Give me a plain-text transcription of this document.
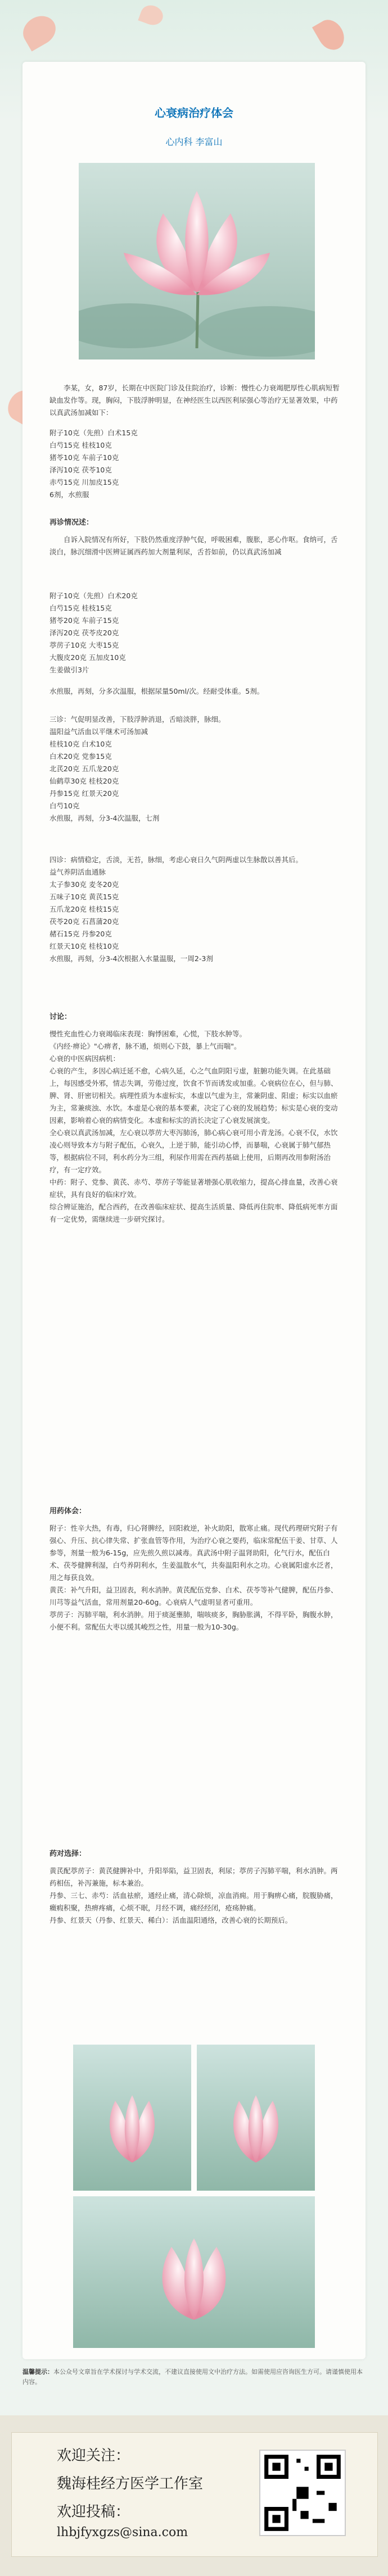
心衰病治疗体会
心内科 李富山
李某，女，87岁，长期在中医院门诊及住院治疗，诊断：慢性心力衰竭肥厚性心肌病短暂缺血发作等。现，胸闷，下肢浮肿明显，在神经医生以西医利尿强心等治疗无显著效果，中药以真武汤加减如下：
附子10克（先煎）白术15克
白芍15克 桂枝10克
猪苓10克 车前子10克
泽泻10克 茯苓10克
赤芍15克 川加皮15克
6剂，水煎服
再诊情况述：
自诉入院情况有所好，下肢仍然重度浮肿气促，呼吸困难，腹胀，恶心作呕。食纳可，舌淡白，脉沉细滑中医辨证属西药加大剂量利尿，舌苔如前，仍以真武汤加减
附子10克（先煎）白术20克
白芍15克 桂枝15克
猪苓20克 车前子15克
泽泻20克 茯苓皮20克
葶苈子10克 大枣15克
大腹皮20克 五加皮10克
生姜做引3片
水煎服，再刻，分多次温服，根据尿量50ml/次。经耐受体重。5剂。
三诊：气促明显改善，下肢浮肿消退，舌暗淡胖，脉细。
温阳益气活血以平继术可汤加减
桂枝10克 白术10克
白术20克 党参15克
北芪20克 五爪龙20克
仙鹤草30克 桂枝20克
丹参15克 红景天20克
白芍10克
水煎服，再刻，分3-4次温服，七剂
四诊：病情稳定，舌淡，无苔，脉细，考虑心衰日久气阴两虚以生脉散以善其后。
益气养阴活血通脉
太子参30克 麦冬20克
五味子10克 黄芪15克
五爪龙20克 桂枝15克
茯苓20克 石菖蒲20克
赭石15克 丹参20克
红景天10克 桂枝10克
水煎服，再刻，分3-4次根据入水量温服，一周2-3剂
讨论：
慢性充血性心力衰竭临床表现：胸悸困难，心慌，下肢水肿等。
《内经·痹论》"心痹者，脉不通，烦则心下鼓，暴上气而喘"。
心衰的中医病因病机：
心衰的产生，多因心病迁延不愈，心病久延，心之气血阴阳亏虚，脏腑功能失调。在此基础上，每因感受外邪，情志失调，劳倦过度，饮食不节而诱发或加重。心衰病位在心，但与肺、脾、肾、肝密切相关。病理性质为本虚标实，本虚以气虚为主，常兼阴虚、阳虚；标实以血瘀为主，常兼痰浊、水饮。本虚是心衰的基本要素，决定了心衰的发展趋势；标实是心衰的变动因素，影响着心衰的病情变化。本虚和标实的消长决定了心衰发展演变。
全心衰以真武汤加减，左心衰以葶苈大枣泻肺汤，肺心病心衰可用小青龙汤。心衰不仅，水饮凌心则导致本方与附子配伍，心衰久，上逆于肺，能引动心悸，而暴喘，心衰属于肺气郁热等，根据病位不同，利水药分为三组，利尿作用需在西药基础上使用，后期再改用参附汤治疗，有一定疗效。
中药：附子、党参、黄芪、赤芍、葶苈子等能显著增强心肌收缩力，提高心排血量，改善心衰症状，具有良好的临床疗效。
综合辨证施治，配合西药，在改善临床症状、提高生活质量、降低再住院率、降低病死率方面有一定优势，需继续进一步研究探讨。
用药体会：
附子：性辛大热，有毒，归心肾脾经，回阳救逆，补火助阳，散寒止痛。现代药理研究附子有强心、升压、抗心律失常、扩张血管等作用，为治疗心衰之要药，临床常配伍干姜、甘草、人参等，剂量一般为6-15g，应先煎久煎以减毒。真武汤中附子温肾助阳，化气行水，配伍白术、茯苓健脾利湿，白芍养阴利水，生姜温散水气，共奏温阳利水之功。心衰属阳虚水泛者，用之每获良效。
黄芪：补气升阳，益卫固表，利水消肿。黄芪配伍党参、白术、茯苓等补气健脾，配伍丹参、川芎等益气活血，常用剂量20-60g。心衰病人气虚明显者可重用。
葶苈子：泻肺平喘，利水消肿。用于痰涎壅肺，喘咳痰多，胸胁胀满，不得平卧，胸腹水肿，小便不利。常配伍大枣以缓其峻烈之性，用量一般为10-30g。
药对选择：
黄芪配葶苈子：黄芪健脾补中，升阳举陷，益卫固表，利尿；葶苈子泻肺平喘，利水消肿。两药相伍，补泻兼施，标本兼治。
丹参、三七、赤芍：活血祛瘀，通经止痛，清心除烦，凉血消痈。用于胸痹心痛，脘腹胁痛，癥瘕积聚，热痹疼痛，心烦不眠，月经不调，痛经经闭，疮疡肿痛。
丹参、红景天（丹参、红景天、稀白）：活血温阳通络，改善心衰的长期预后。
温馨提示：本公众号文章旨在学术探讨与学术交流，不建议直接使用文中治疗方法。如需使用应咨询医生方可。请谨慎使用本内容。
欢迎关注：
魏海桂经方医学工作室
欢迎投稿：
lhbjfyxgzs@sina.com
